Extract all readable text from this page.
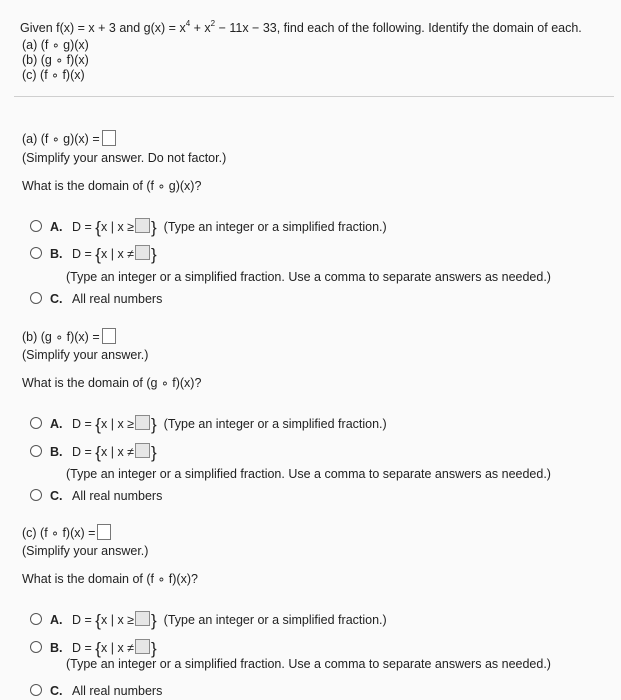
Given f(x) = x + 3 and $g(x) = x^4 + x^2 - 11x - 33$, find each of the following. Identify the domain of each.
(a) (f ∘ g)(x)
(b) (g ∘ f)(x)
(c) (f ∘ f)(x)
(a) (f ∘ g)(x) =
(Simplify your answer. Do not factor.)
What is the domain of (f ∘ g)(x)?
A. D = {x | x ≥ } (Type an integer or a simplified fraction.)
B. D = {x | x ≠ }
(Type an integer or a simplified fraction. Use a comma to separate answers as needed.)
C. All real numbers
(b) (g ∘ f)(x) =
(Simplify your answer.)
What is the domain of (g ∘ f)(x)?
A. D = {x | x ≥ } (Type an integer or a simplified fraction.)
B. D = {x | x ≠ }
(Type an integer or a simplified fraction. Use a comma to separate answers as needed.)
C. All real numbers
(c) (f ∘ f)(x) =
(Simplify your answer.)
What is the domain of (f ∘ f)(x)?
A. D = {x | x ≥ } (Type an integer or a simplified fraction.)
B. D = {x | x ≠ }
(Type an integer or a simplified fraction. Use a comma to separate answers as needed.)
C. All real numbers
